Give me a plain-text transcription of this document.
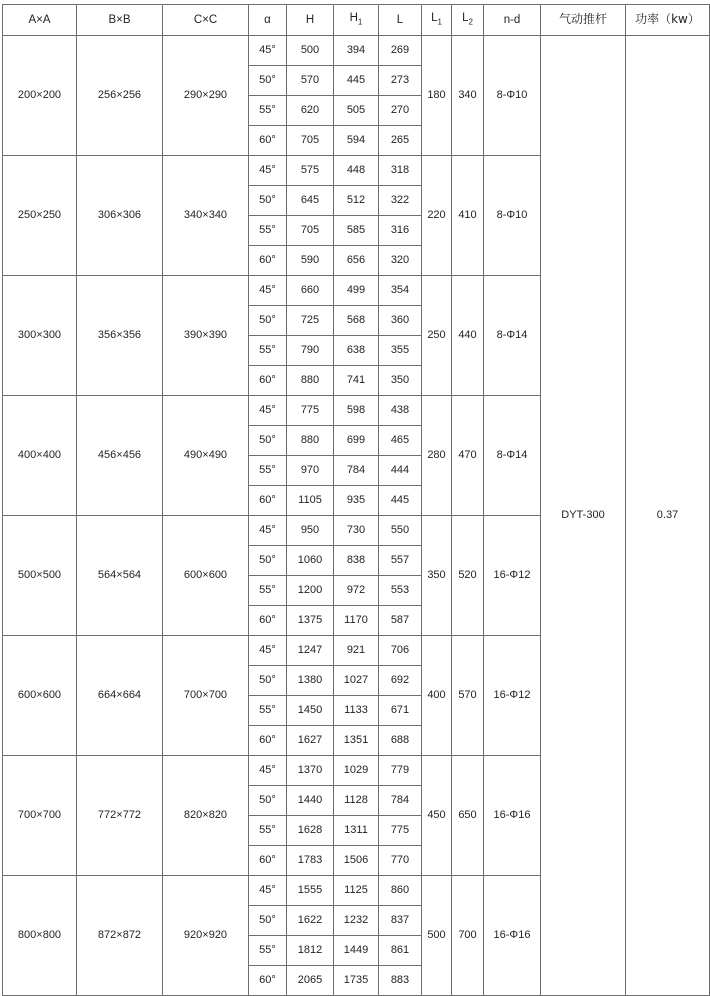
A×A	B×B	C×C	α	H	$H_1$	L	$L_1$	$L_2$	n-d	气动推杆	功率（kw）
200×200	256×256	290×290	45°	500	394	269	180	340	8-Φ10	DYT-300	0.37
			50°	570	445	273					
			55°	620	505	270					
			60°	705	594	265					
250×250	306×306	340×340	45°	575	448	318	220	410	8-Φ10		
			50°	645	512	322					
			55°	705	585	316					
			60°	590	656	320					
300×300	356×356	390×390	45°	660	499	354	250	440	8-Φ14		
			50°	725	568	360					
			55°	790	638	355					
			60°	880	741	350					
400×400	456×456	490×490	45°	775	598	438	280	470	8-Φ14		
			50°	880	699	465					
			55°	970	784	444					
			60°	1105	935	445					
500×500	564×564	600×600	45°	950	730	550	350	520	16-Φ12		
			50°	1060	838	557					
			55°	1200	972	553					
			60°	1375	1170	587					
600×600	664×664	700×700	45°	1247	921	706	400	570	16-Φ12		
			50°	1380	1027	692					
			55°	1450	1133	671					
			60°	1627	1351	688					
700×700	772×772	820×820	45°	1370	1029	779	450	650	16-Φ16		
			50°	1440	1128	784					
			55°	1628	1311	775					
			60°	1783	1506	770					
800×800	872×872	920×920	45°	1555	1125	860	500	700	16-Φ16		
			50°	1622	1232	837					
			55°	1812	1449	861					
			60°	2065	1735	883					
